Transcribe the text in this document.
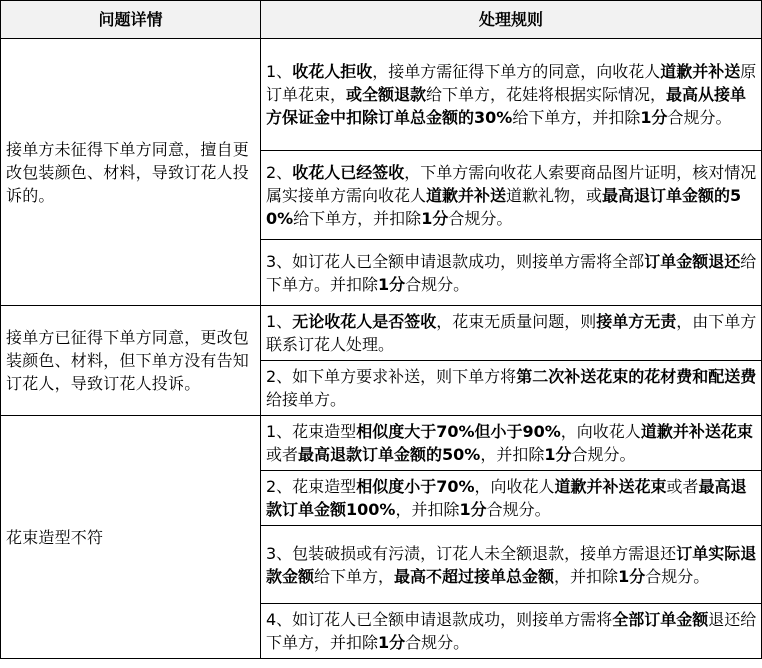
问题详情	处理规则
接单方未征得下单方同意，擅自更改包装颜色、材料，导致订花人投诉的。	1、收花人拒收，接单方需征得下单方的同意，向收花人道歉并补送原订单花束，或全额退款给下单方，花娃将根据实际情况，最高从接单方保证金中扣除订单总金额的30%给下单方，并扣除1分合规分。
	2、收花人已经签收，下单方需向收花人索要商品图片证明，核对情况属实接单方需向收花人道歉并补送道歉礼物，或最高退订单金额的50%给下单方，并扣除1分合规分。
	3、如订花人已全额申请退款成功，则接单方需将全部订单金额退还给下单方。并扣除1分合规分。
接单方已征得下单方同意，更改包装颜色、材料，但下单方没有告知订花人，导致订花人投诉。	1、无论收花人是否签收，花束无质量问题，则接单方无责，由下单方联系订花人处理。
	2、如下单方要求补送，则下单方将第二次补送花束的花材费和配送费给接单方。
花束造型不符	1、花束造型相似度大于70%但小于90%，向收花人道歉并补送花束或者最高退款订单金额的50%，并扣除1分合规分。
	2、花束造型相似度小于70%，向收花人道歉并补送花束或者最高退款订单金额100%，并扣除1分合规分。
	3、包装破损或有污渍，订花人未全额退款，接单方需退还订单实际退款金额给下单方，最高不超过接单总金额，并扣除1分合规分。
	4、如订花人已全额申请退款成功，则接单方需将全部订单金额退还给下单方，并扣除1分合规分。
